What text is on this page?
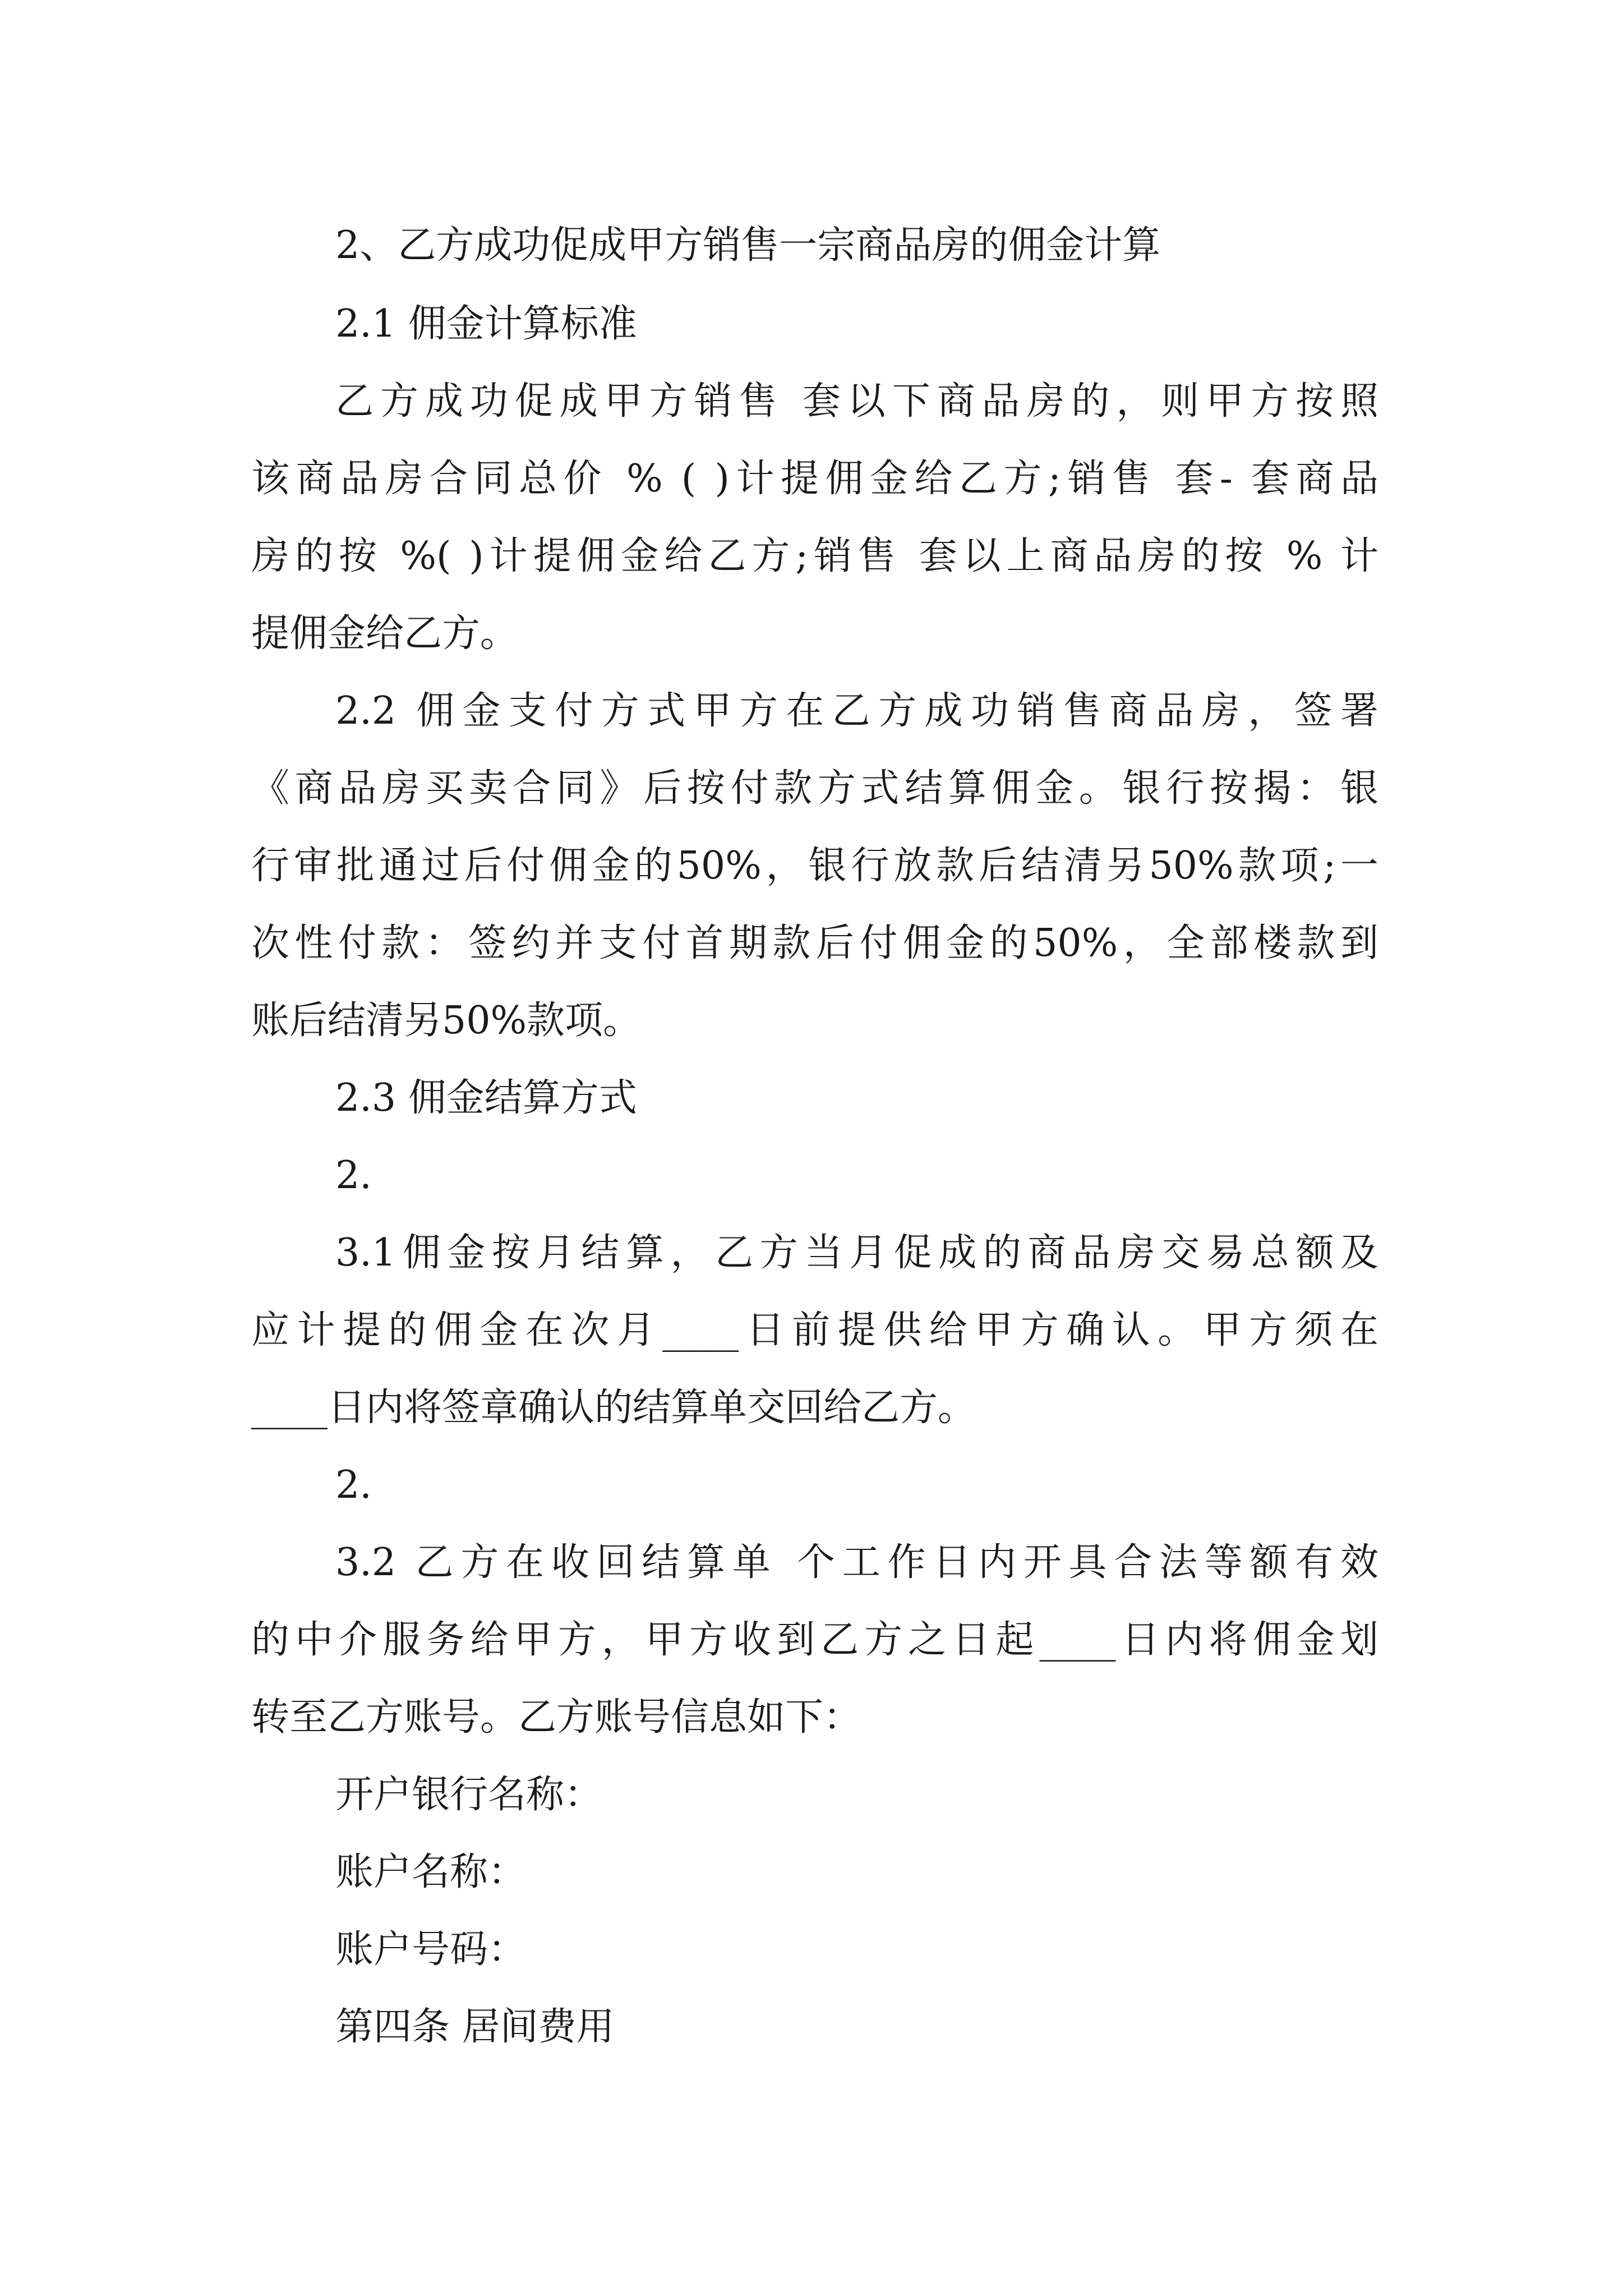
2、乙方成功促成甲方销售一宗商品房的佣金计算

2.1 佣金计算标准

乙方成功促成甲方销售 套以下商品房的，则甲方按照

该商品房合同总价 % ( )计提佣金给乙方;销售 套- 套商品

房的按 %( )计提佣金给乙方;销售 套以上商品房的按 % 计

提佣金给乙方。

2.2 佣金支付方式甲方在乙方成功销售商品房，签署

《商品房买卖合同》后按付款方式结算佣金。银行按揭：银

行审批通过后付佣金的50%，银行放款后结清另50%款项;一

次性付款：签约并支付首期款后付佣金的50%，全部楼款到

账后结清另50%款项。

2.3 佣金结算方式

2.

3.1佣金按月结算，乙方当月促成的商品房交易总额及

应计提的佣金在次月____日前提供给甲方确认。甲方须在

____日内将签章确认的结算单交回给乙方。

2.

3.2 乙方在收回结算单 个工作日内开具合法等额有效

的中介服务给甲方，甲方收到乙方之日起____日内将佣金划

转至乙方账号。乙方账号信息如下：

开户银行名称：

账户名称：

账户号码：

第四条 居间费用
